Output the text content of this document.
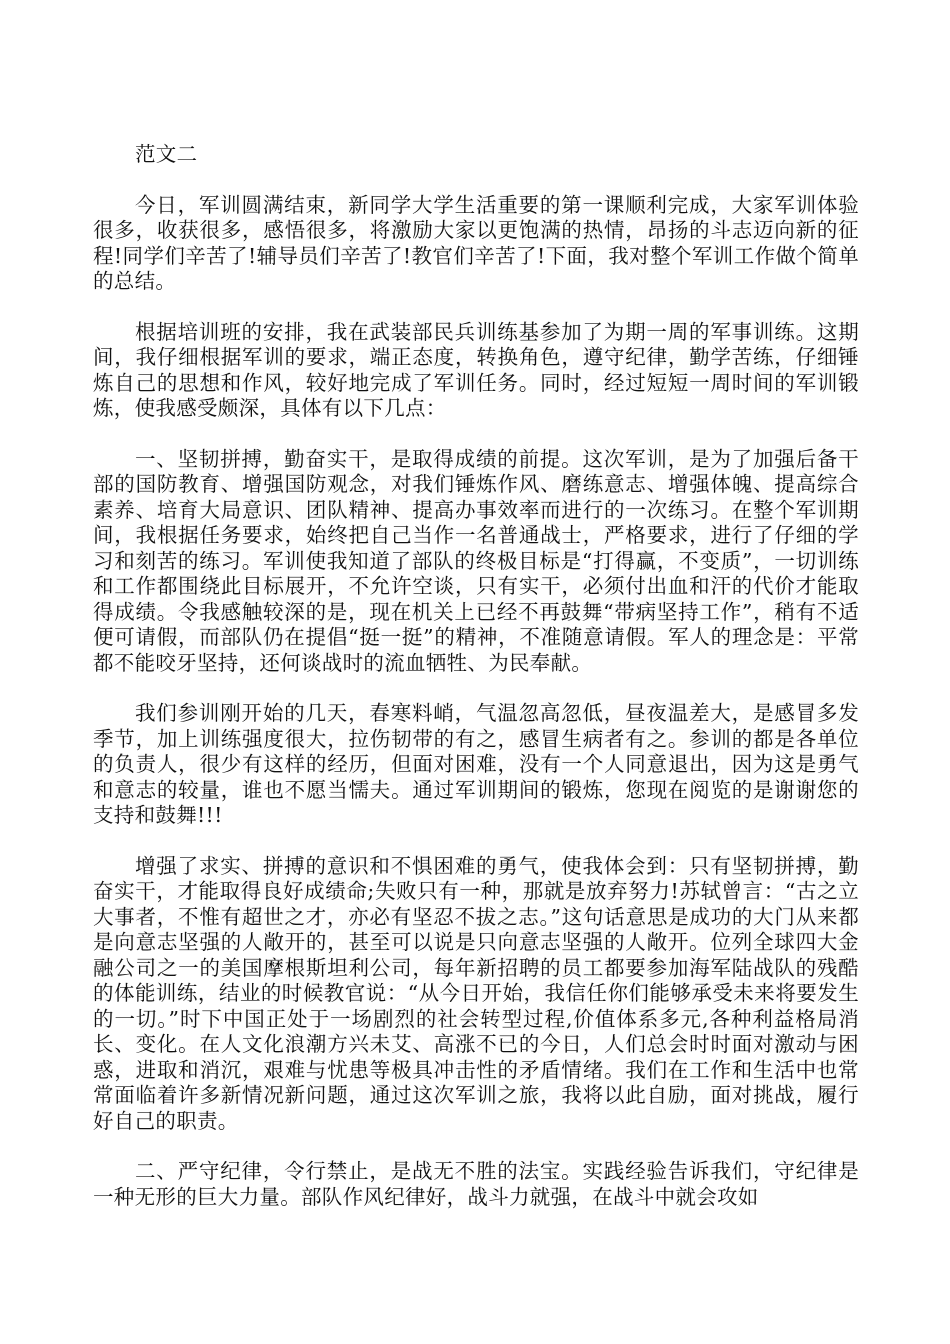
范文二

今日，军训圆满结束，新同学大学生活重要的第一课顺利完成，大家军训体验很多，收获很多，感悟很多，将激励大家以更饱满的热情，昂扬的斗志迈向新的征程!同学们辛苦了!辅导员们辛苦了!教官们辛苦了!下面，我对整个军训工作做个简单的总结。

根据培训班的安排，我在武装部民兵训练基参加了为期一周的军事训练。这期间，我仔细根据军训的要求，端正态度，转换角色，遵守纪律，勤学苦练，仔细锤炼自己的思想和作风，较好地完成了军训任务。同时，经过短短一周时间的军训锻炼，使我感受颇深，具体有以下几点：

一、坚韧拼搏，勤奋实干，是取得成绩的前提。这次军训，是为了加强后备干部的国防教育、增强国防观念，对我们锤炼作风、磨练意志、增强体魄、提高综合素养、培育大局意识、团队精神、提高办事效率而进行的一次练习。在整个军训期间，我根据任务要求，始终把自己当作一名普通战士，严格要求，进行了仔细的学习和刻苦的练习。军训使我知道了部队的终极目标是“打得赢，不变质”，一切训练和工作都围绕此目标展开，不允许空谈，只有实干，必须付出血和汗的代价才能取得成绩。令我感触较深的是，现在机关上已经不再鼓舞“带病坚持工作”，稍有不适便可请假，而部队仍在提倡“挺一挺”的精神，不准随意请假。军人的理念是：平常都不能咬牙坚持，还何谈战时的流血牺牲、为民奉献。

我们参训刚开始的几天，春寒料峭，气温忽高忽低，昼夜温差大，是感冒多发季节，加上训练强度很大，拉伤韧带的有之，感冒生病者有之。参训的都是各单位的负责人，很少有这样的经历，但面对困难，没有一个人同意退出，因为这是勇气和意志的较量，谁也不愿当懦夫。通过军训期间的锻炼，您现在阅览的是谢谢您的支持和鼓舞!!!

增强了求实、拼搏的意识和不惧困难的勇气，使我体会到：只有坚韧拼搏，勤奋实干，才能取得良好成绩命;失败只有一种，那就是放弃努力!苏轼曾言：“古之立大事者，不惟有超世之才，亦必有坚忍不拔之志。”这句话意思是成功的大门从来都是向意志坚强的人敞开的，甚至可以说是只向意志坚强的人敞开。位列全球四大金融公司之一的美国摩根斯坦利公司，每年新招聘的员工都要参加海军陆战队的残酷的体能训练，结业的时候教官说：“从今日开始，我信任你们能够承受未来将要发生的一切。”时下中国正处于一场剧烈的社会转型过程,价值体系多元,各种利益格局消长、变化。在人文化浪潮方兴未艾、高涨不已的今日，人们总会时时面对激动与困惑，进取和消沉，艰难与忧患等极具冲击性的矛盾情绪。我们在工作和生活中也常常面临着许多新情况新问题，通过这次军训之旅，我将以此自励，面对挑战，履行好自己的职责。

二、严守纪律，令行禁止，是战无不胜的法宝。实践经验告诉我们，守纪律是一种无形的巨大力量。部队作风纪律好，战斗力就强，在战斗中就会攻如
